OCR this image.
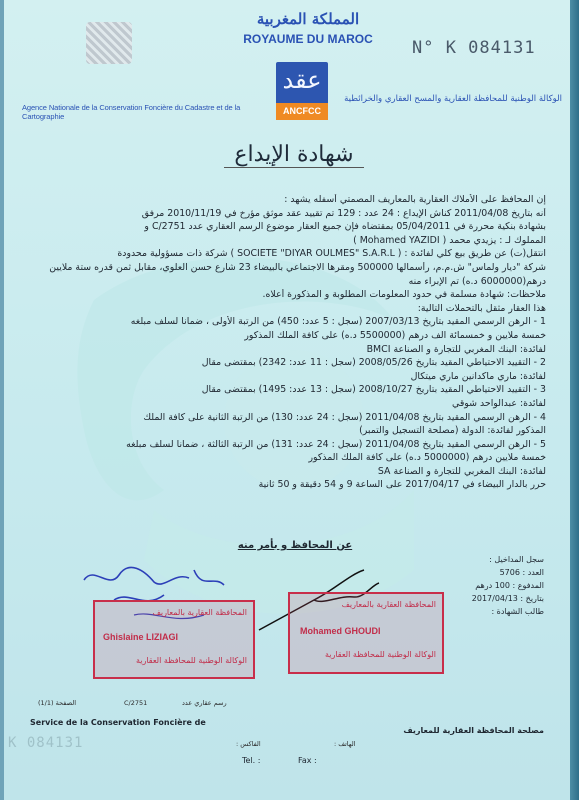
المملكة المغربية
ROYAUME DU MAROC	N° K 084131
عقد
ANCFCC
الوكالة الوطنية للمحافظة العقارية والمسح العقاري والخرائطية
Agence Nationale de la Conservation Foncière du Cadastre et de la Cartographie
شهادة الإيداع
إن المحافظ على الأملاك العقارية بالمعاريف المصمتي أسفله يشهد :
أنه بتاريخ 2011/04/08 كناش الإيداع : 24 عدد : 129 تم تقييد عقد موثق مؤرخ في 2010/11/19 مرفق
بشهادة بنكية محررة في 05/04/2011 بمقتضاه فإن جميع العقار موضوع الرسم العقاري عدد C/2751 و
المملوك لـ : يزيدي محمد ( Mohamed YAZIDI )
انتقل(ت) عن طريق بيع كلي لفائدة : ( SOCIETE "DIYAR OULMES" S.A.R.L ) شركة ذات مسؤولية محدودة
شركة "ديار ولماس" ش.م.م، رأسمالها 500000 ومقرها الاجتماعي بالبيضاء 23 شارع حسن العلوي، مقابل ثمن قدره ستة ملايين
درهم(6000000 د.ه) تم الإبراء منه
ملاحظات: شهادة مسلمة في حدود المعلومات المطلوبة و المذكورة أعلاه.
هذا العقار مثقل بالتحملات التالية:
1 - الرهن الرسمي المقيد بتاريخ 2007/03/13 (سجل : 5 عدد: 450) من الرتبة الأولى ، ضمانا لسلف مبلغه
خمسة ملايين و خمسمائة الف درهم (5500000 د.ه) على كافة الملك المذكور
لفائدة: البنك المغربي للتجارة و الصناعة BMCI
2 - التقييد الاحتياطي المقيد بتاريخ 2008/05/26 (سجل : 11 عدد: 2342) بمقتضى مقال
لفائدة: ماري ماكدانين ماري ميتكال
3 - التقييد الاحتياطي المقيد بتاريخ 2008/10/27 (سجل : 13 عدد: 1495) بمقتضى مقال
لفائدة: عبدالواحد شوقي
4 - الرهن الرسمي المقيد بتاريخ 2011/04/08 (سجل : 24 عدد: 130) من الرتبة الثانية على كافة الملك
المذكور لفائدة: الدولة (مصلحة التسجيل والتمبر)
5 - الرهن الرسمي المقيد بتاريخ 2011/04/08 (سجل : 24 عدد: 131) من الرتبة الثالثة ، ضمانا لسلف مبلغه
خمسة ملايين درهم (5000000 د.ه) على كافة الملك المذكور
لفائدة: البنك المغربي للتجارة و الصناعة SA
حرر بالدار البيضاء في 2017/04/17 على الساعة 9 و 54 دقيقة و 50 ثانية
عن المحافظ و بأمر منه
سجل المداخيل :
العدد : 5706
المدفوع : 100 درهم
بتاريخ : 2017/04/13
طالب الشهادة :
المحافظة العقارية بالمعاريف
Ghislaine LIZIAGI
الوكالة الوطنية للمحافظة العقارية
المحافظة العقارية بالمعاريف
Mohamed GHOUDI
الوكالة الوطنية للمحافظة العقارية
الصفحة (1/1)	C/2751	رسم عقاري عدد
Service de la Conservation Foncière de
مصلحة المحافظة العقارية للمعاريف
الفاكس :	الهاتف :
Tel. :	Fax :
K 084131
